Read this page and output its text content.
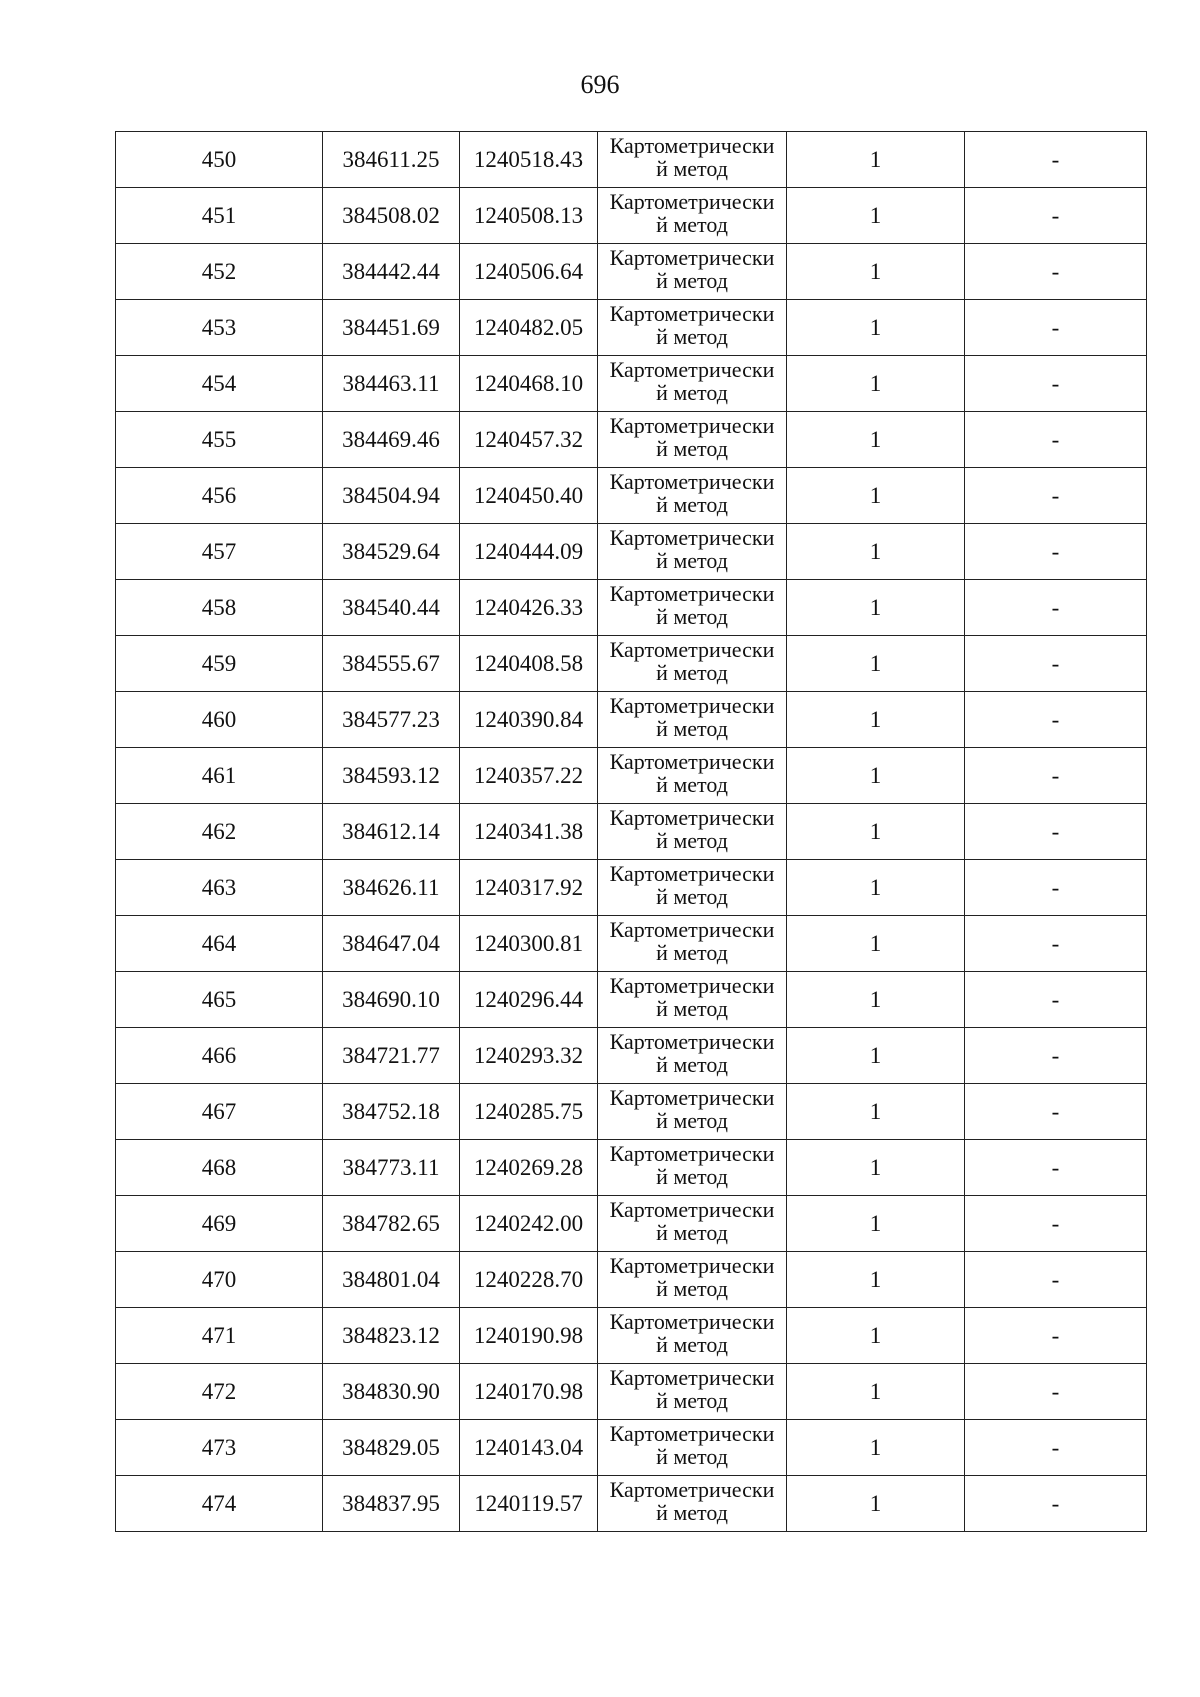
696
450	384611.25	1240518.43	Картометрически
й метод	1	-
451	384508.02	1240508.13	Картометрически
й метод	1	-
452	384442.44	1240506.64	Картометрически
й метод	1	-
453	384451.69	1240482.05	Картометрически
й метод	1	-
454	384463.11	1240468.10	Картометрически
й метод	1	-
455	384469.46	1240457.32	Картометрически
й метод	1	-
456	384504.94	1240450.40	Картометрически
й метод	1	-
457	384529.64	1240444.09	Картометрически
й метод	1	-
458	384540.44	1240426.33	Картометрически
й метод	1	-
459	384555.67	1240408.58	Картометрически
й метод	1	-
460	384577.23	1240390.84	Картометрически
й метод	1	-
461	384593.12	1240357.22	Картометрически
й метод	1	-
462	384612.14	1240341.38	Картометрически
й метод	1	-
463	384626.11	1240317.92	Картометрически
й метод	1	-
464	384647.04	1240300.81	Картометрически
й метод	1	-
465	384690.10	1240296.44	Картометрически
й метод	1	-
466	384721.77	1240293.32	Картометрически
й метод	1	-
467	384752.18	1240285.75	Картометрически
й метод	1	-
468	384773.11	1240269.28	Картометрически
й метод	1	-
469	384782.65	1240242.00	Картометрически
й метод	1	-
470	384801.04	1240228.70	Картометрически
й метод	1	-
471	384823.12	1240190.98	Картометрически
й метод	1	-
472	384830.90	1240170.98	Картометрически
й метод	1	-
473	384829.05	1240143.04	Картометрически
й метод	1	-
474	384837.95	1240119.57	Картометрически
й метод	1	-
